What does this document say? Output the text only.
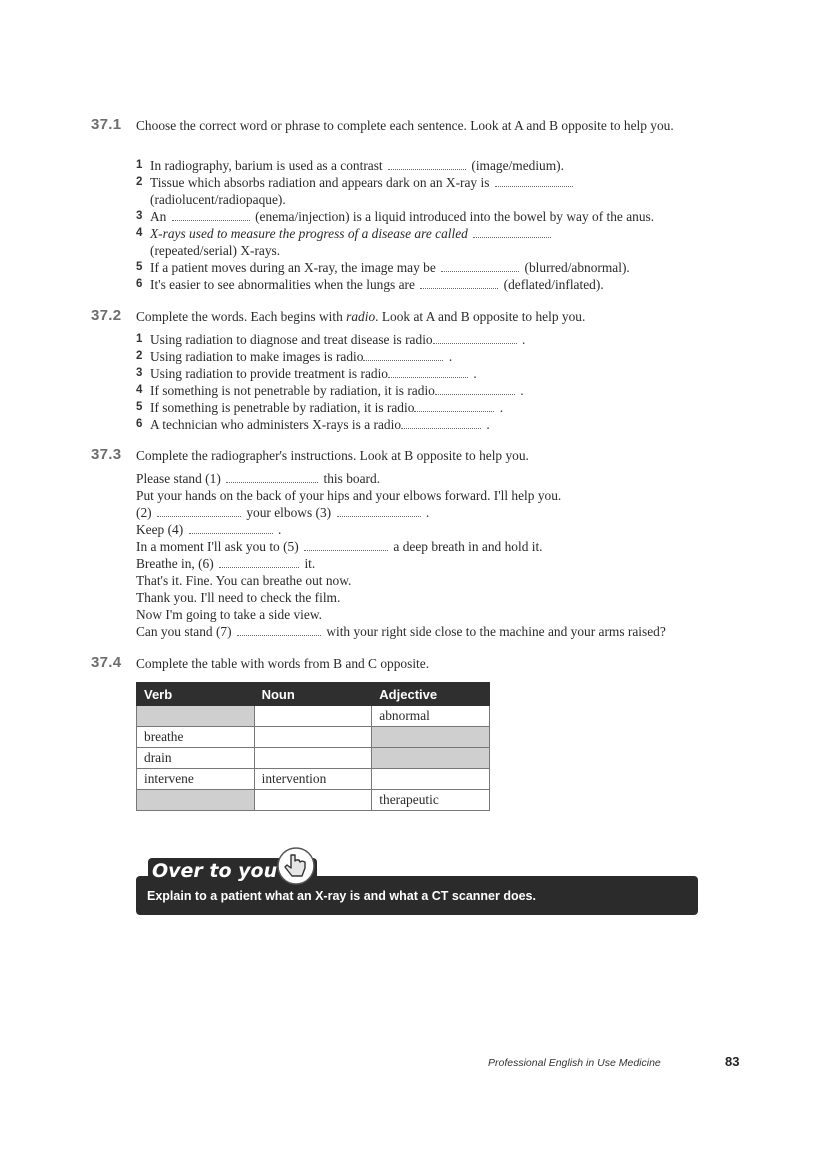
37.1 Choose the correct word or phrase to complete each sentence. Look at A and B opposite to help you.
1 In radiography, barium is used as a contrast	(image/medium).
2 Tissue which absorbs radiation and appears dark on an X-ray is
(radiolucent/radiopaque).
3 An	(enema/injection) is a liquid introduced into the bowel by way of the anus.
4 X-rays used to measure the progress of a disease are called
(repeated/serial) X-rays.
5 If a patient moves during an X-ray, the image may be	(blurred/abnormal).
6 It's easier to see abnormalities when the lungs are	(deflated/inflated).
37.2 Complete the words. Each begins with radio. Look at A and B opposite to help you.
1 Using radiation to diagnose and treat disease is radio	.
2 Using radiation to make images is radio	.
3 Using radiation to provide treatment is radio	.
4 If something is not penetrable by radiation, it is radio	.
5 If something is penetrable by radiation, it is radio	.
6 A technician who administers X-rays is a radio	.
37.3 Complete the radiographer's instructions. Look at B opposite to help you.
Please stand (1)	this board.
Put your hands on the back of your hips and your elbows forward. I'll help you.
(2)	your elbows (3)	.
Keep (4)	.
In a moment I'll ask you to (5)	a deep breath in and hold it.
Breathe in, (6)	it.
That's it. Fine. You can breathe out now.
Thank you. I'll need to check the film.
Now I'm going to take a side view.
Can you stand (7)	with your right side close to the machine and your arms raised?
37.4 Complete the table with words from B and C opposite.
Verb	Noun	Adjective
		abnormal
breathe		
drain		
intervene	intervention	
		therapeutic
Over to you
Explain to a patient what an X-ray is and what a CT scanner does.
Professional English in Use Medicine	83
